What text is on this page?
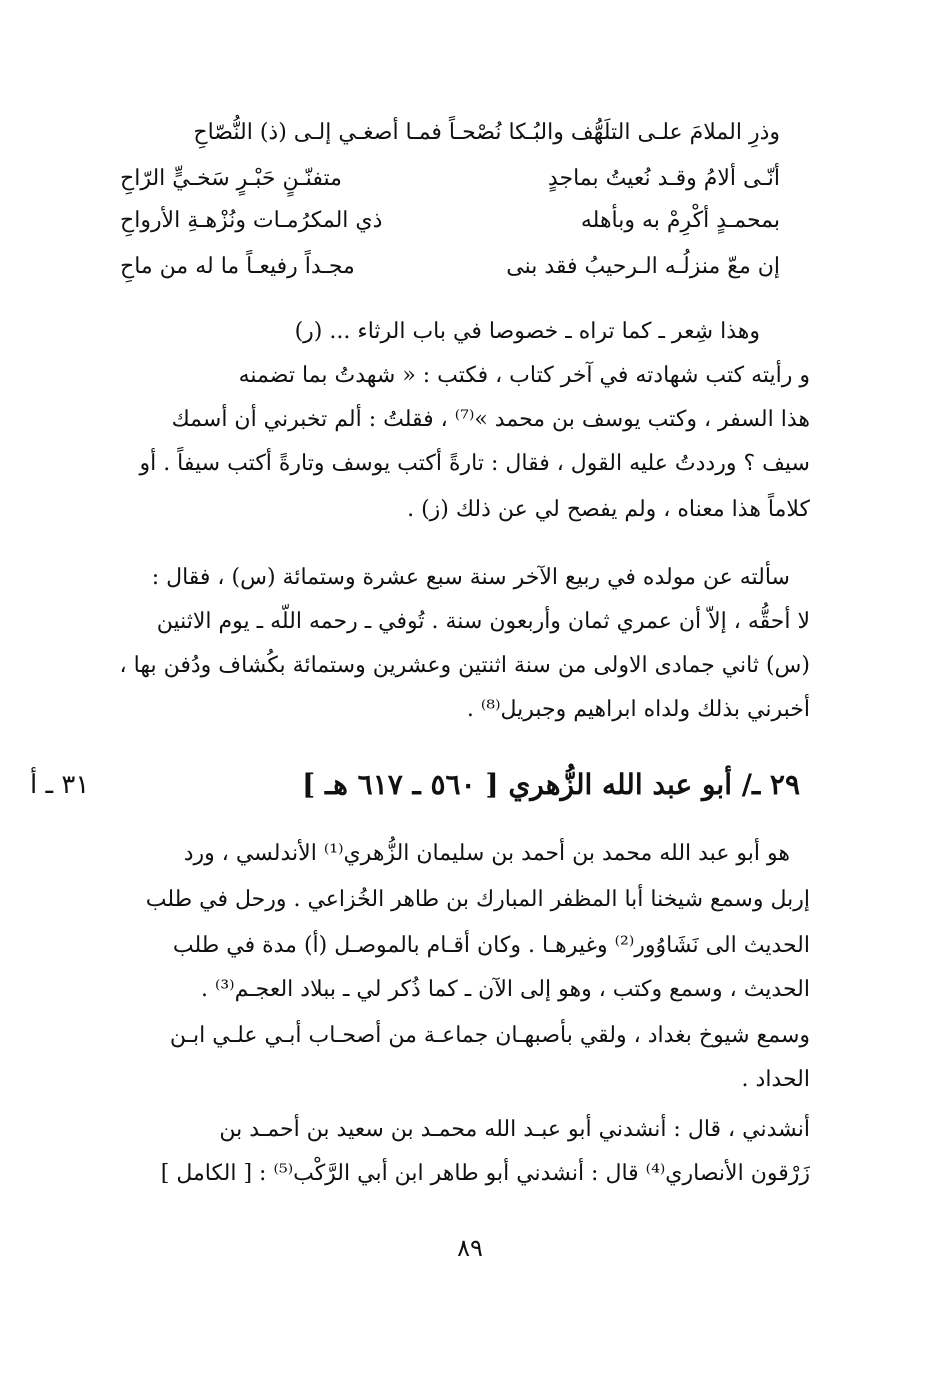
وذرِ الملامَ علـى التلَهُّف والبُـكا نُصْحـاً فمـا أصغـي إلـى (ذ) النُّصّاحِ
أنّـى ألامُ وقـد نُعيتُ بماجدٍ
متفنّـنٍ حَبْـرٍ سَخـيٍّ الرّاحِ
بمحمـدٍ أكْرِمْ به وبأهله
ذي المكرُمـات ونُزْهـةِ الأرواحِ
إن معّ منزلُـه الـرحيبُ فقد بنى
مجـداً رفيعـاً ما له من ماحِ
وهذا شِعر ـ كما تراه ـ خصوصا في باب الرثاء ... (ر)
و رأيته كتب شهادته في آخر كتاب ، فكتب : « شهدتُ بما تضمنه
هذا السفر ، وكتب يوسف بن محمد »⁽⁷⁾ ، فقلتُ : ألم تخبرني أن أسمك
سيف ؟ ورددتُ عليه القول ، فقال : تارةً أكتب يوسف وتارةً أكتب سيفاً . أو
كلاماً هذا معناه ، ولم يفصح لي عن ذلك (ز) .
سألته عن مولده في ربيع الآخر سنة سبع عشرة وستمائة (س) ، فقال :
لا أحقُّه ، إلاّ أن عمري ثمان وأربعون سنة . تُوفي ـ رحمه اللّه ـ يوم الاثنين
(س) ثاني جمادى الاولى من سنة اثنتين وعشرين وستمائة بكُشاف ودُفن بها ،
أخبرني بذلك ولداه ابراهيم وجبريل⁽⁸⁾ .
٢٩ ـ/ أبو عبد الله الزُّهري [ ٥٦٠ ـ ٦١٧ هـ ]
٣١ ـ أ
هو أبو عبد الله محمد بن أحمد بن سليمان الزُّهري⁽¹⁾ الأندلسي ، ورد
إربل وسمع شيخنا أبا المظفر المبارك بن طاهر الخُزاعي . ورحل في طلب
الحديث الى نَشَاوُور⁽²⁾ وغيرهـا . وكان أقـام بالموصـل (أ) مدة في طلب
الحديث ، وسمع وكتب ، وهو إلى الآن ـ كما ذُكر لي ـ ببلاد العجـم⁽³⁾ .
وسمع شيوخ بغداد ، ولقي بأصبهـان جماعـة من أصحـاب أبـي علـي ابـن
الحداد .
أنشدني ، قال : أنشدني أبو عبـد الله محمـد بن سعيد بن أحمـد بن
زَرْقون الأنصاري⁽⁴⁾ قال : أنشدني أبو طاهر ابن أبي الرَّكْب⁽⁵⁾ : [ الكامل ]
٨٩
